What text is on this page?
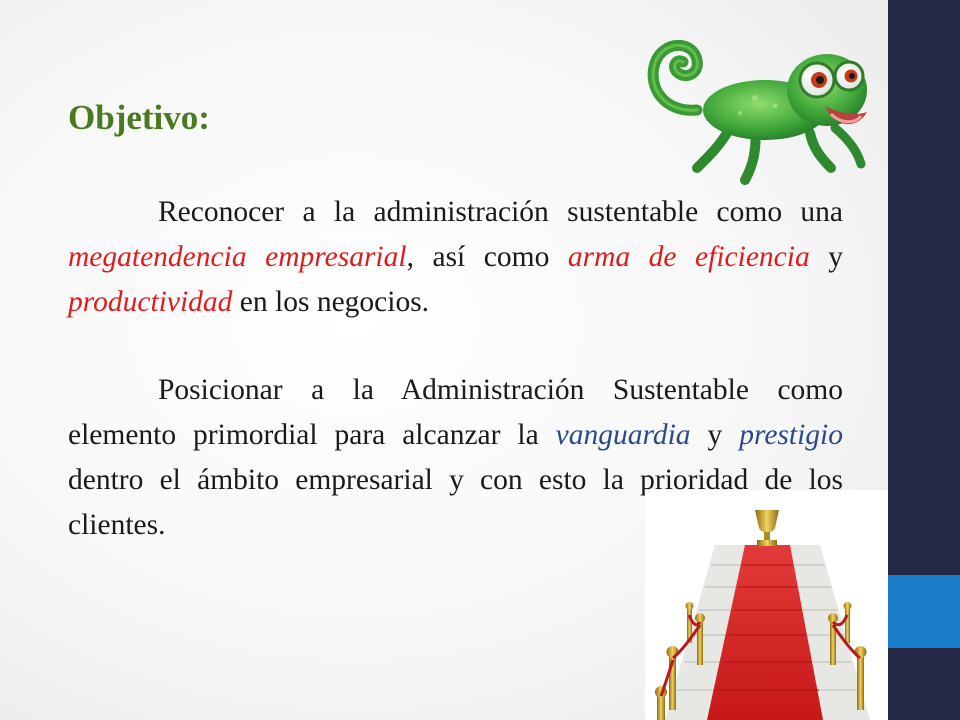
Objetivo:

Reconocer a la administración sustentable como una megatendencia empresarial, así como arma de eficiencia y productividad en los negocios.

Posicionar a la Administración Sustentable como elemento primordial para alcanzar la vanguardia y prestigio dentro el ámbito empresarial y con esto la prioridad de los clientes.
